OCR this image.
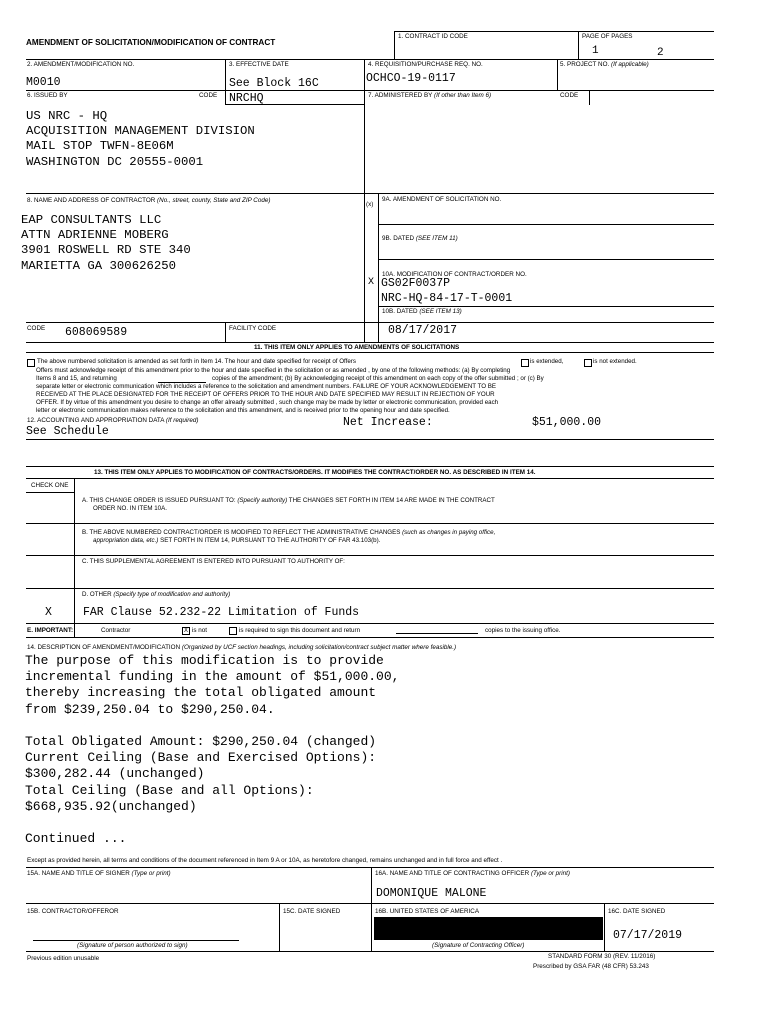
AMENDMENT OF SOLICITATION/MODIFICATION OF CONTRACT
1. CONTRACT ID CODE	PAGE OF PAGES
1	2
2. AMENDMENT/MODIFICATION NO.
M0010
3. EFFECTIVE DATE
See Block 16C
4. REQUISITION/PURCHASE REQ. NO.
OCHCO-19-0117
5. PROJECT NO. (If applicable)
6. ISSUED BY	CODE NRCHQ
US NRC - HQ
ACQUISITION MANAGEMENT DIVISION
MAIL STOP TWFN-8E06M
WASHINGTON DC 20555-0001
7. ADMINISTERED BY (If other than Item 6)	CODE
8. NAME AND ADDRESS OF CONTRACTOR (No., street, county, State and ZIP Code)
EAP CONSULTANTS LLC
ATTN ADRIENNE MOBERG
3901 ROSWELL RD STE 340
MARIETTA GA 300626250
CODE 608069589	FACILITY CODE
(x)
9A. AMENDMENT OF SOLICITATION NO.
9B. DATED (SEE ITEM 11)
10A. MODIFICATION OF CONTRACT/ORDER NO.
X GS02F0037P
NRC-HQ-84-17-T-0001
10B. DATED (SEE ITEM 13)
08/17/2017
11. THIS ITEM ONLY APPLIES TO AMENDMENTS OF SOLICITATIONS
The above numbered solicitation is amended as set forth in Item 14. The hour and date specified for receipt of Offers	is extended,	is not extended.
Offers must acknowledge receipt of this amendment prior to the hour and date specified in the solicitation or as amended , by one of the following methods: (a) By completing
Items 8 and 15, and returning	copies of the amendment; (b) By acknowledging receipt of this amendment on each copy of the offer submitted ; or (c) By
separate letter or electronic communication which includes a reference to the solicitation and amendment numbers. FAILURE OF YOUR ACKNOWLEDGEMENT TO BE
RECEIVED AT THE PLACE DESIGNATED FOR THE RECEIPT OF OFFERS PRIOR TO THE HOUR AND DATE SPECIFIED MAY RESULT IN REJECTION OF YOUR
OFFER. If by virtue of this amendment you desire to change an offer already submitted , such change may be made by letter or electronic communication, provided each
letter or electronic communication makes reference to the solicitation and this amendment, and is received prior to the opening hour and date specified.
12. ACCOUNTING AND APPROPRIATION DATA (If required)
See Schedule
Net Increase:	$51,000.00
13. THIS ITEM ONLY APPLIES TO MODIFICATION OF CONTRACTS/ORDERS. IT MODIFIES THE CONTRACT/ORDER NO. AS DESCRIBED IN ITEM 14.
CHECK ONE
A. THIS CHANGE ORDER IS ISSUED PURSUANT TO: (Specify authority) THE CHANGES SET FORTH IN ITEM 14 ARE MADE IN THE CONTRACT
ORDER NO. IN ITEM 10A.
B. THE ABOVE NUMBERED CONTRACT/ORDER IS MODIFIED TO REFLECT THE ADMINISTRATIVE CHANGES (such as changes in paying office,
appropriation data, etc.) SET FORTH IN ITEM 14, PURSUANT TO THE AUTHORITY OF FAR 43.103(b).
C. THIS SUPPLEMENTAL AGREEMENT IS ENTERED INTO PURSUANT TO AUTHORITY OF:
D. OTHER (Specify type of modification and authority)
X	FAR Clause 52.232-22 Limitation of Funds
E. IMPORTANT:	Contractor	X is not	is required to sign this document and return	copies to the issuing office.
14. DESCRIPTION OF AMENDMENT/MODIFICATION (Organized by UCF section headings, including solicitation/contract subject matter where feasible.)
The purpose of this modification is to provide
incremental funding in the amount of $51,000.00,
thereby increasing the total obligated amount
from $239,250.04 to $290,250.04.
Total Obligated Amount: $290,250.04 (changed)
Current Ceiling (Base and Exercised Options):
$300,282.44 (unchanged)
Total Ceiling (Base and all Options):
$668,935.92(unchanged)
Continued ...
Except as provided herein, all terms and conditions of the document referenced in Item 9 A or 10A, as heretofore changed, remains unchanged and in full force and effect .
15A. NAME AND TITLE OF SIGNER (Type or print)	16A. NAME AND TITLE OF CONTRACTING OFFICER (Type or print)
DOMONIQUE MALONE
15B. CONTRACTOR/OFFEROR
(Signature of person authorized to sign)
15C. DATE SIGNED	16B. UNITED STATES OF AMERICA
(Signature of Contracting Officer)
16C. DATE SIGNED
07/17/2019
Previous edition unusable	STANDARD FORM 30 (REV. 11/2016)
Prescribed by GSA FAR (48 CFR) 53.243
